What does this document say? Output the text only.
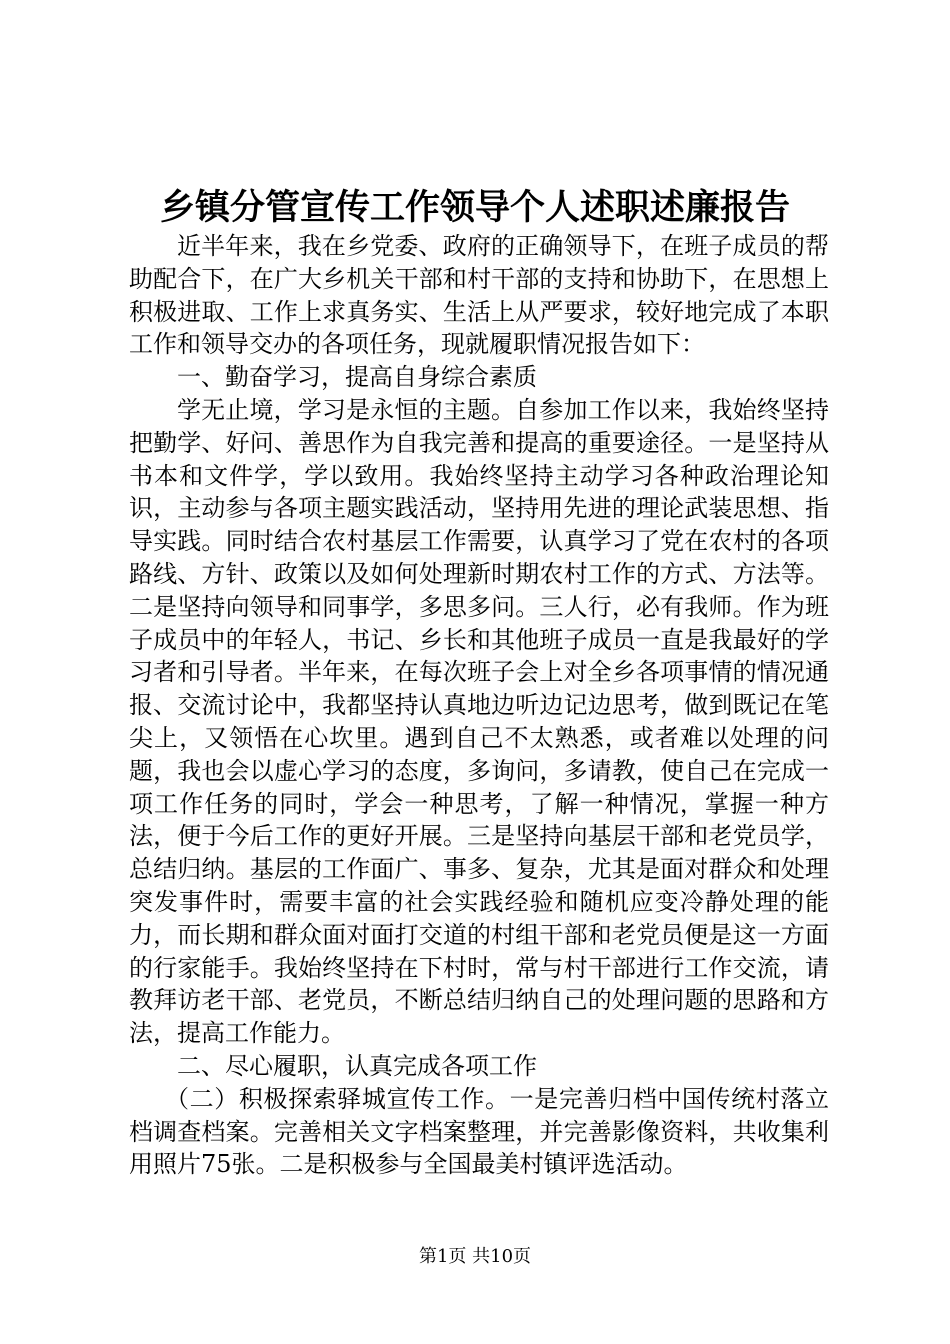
乡镇分管宣传工作领导个人述职述廉报告

近半年来，我在乡党委、政府的正确领导下，在班子成员的帮助配合下，在广大乡机关干部和村干部的支持和协助下，在思想上积极进取、工作上求真务实、生活上从严要求，较好地完成了本职工作和领导交办的各项任务，现就履职情况报告如下：

一、勤奋学习，提高自身综合素质

学无止境，学习是永恒的主题。自参加工作以来，我始终坚持把勤学、好问、善思作为自我完善和提高的重要途径。一是坚持从书本和文件学，学以致用。我始终坚持主动学习各种政治理论知识，主动参与各项主题实践活动，坚持用先进的理论武装思想、指导实践。同时结合农村基层工作需要，认真学习了党在农村的各项路线、方针、政策以及如何处理新时期农村工作的方式、方法等。二是坚持向领导和同事学，多思多问。三人行，必有我师。作为班子成员中的年轻人，书记、乡长和其他班子成员一直是我最好的学习者和引导者。半年来，在每次班子会上对全乡各项事情的情况通报、交流讨论中，我都坚持认真地边听边记边思考，做到既记在笔尖上，又领悟在心坎里。遇到自己不太熟悉，或者难以处理的问题，我也会以虚心学习的态度，多询问，多请教，使自己在完成一项工作任务的同时，学会一种思考，了解一种情况，掌握一种方法，便于今后工作的更好开展。三是坚持向基层干部和老党员学，总结归纳。基层的工作面广、事多、复杂，尤其是面对群众和处理突发事件时，需要丰富的社会实践经验和随机应变冷静处理的能力，而长期和群众面对面打交道的村组干部和老党员便是这一方面的行家能手。我始终坚持在下村时，常与村干部进行工作交流，请教拜访老干部、老党员，不断总结归纳自己的处理问题的思路和方法，提高工作能力。

二、尽心履职，认真完成各项工作

（二）积极探索驿城宣传工作。一是完善归档中国传统村落立档调查档案。完善相关文字档案整理，并完善影像资料，共收集利用照片75张。二是积极参与全国最美村镇评选活动。

第1页 共10页
